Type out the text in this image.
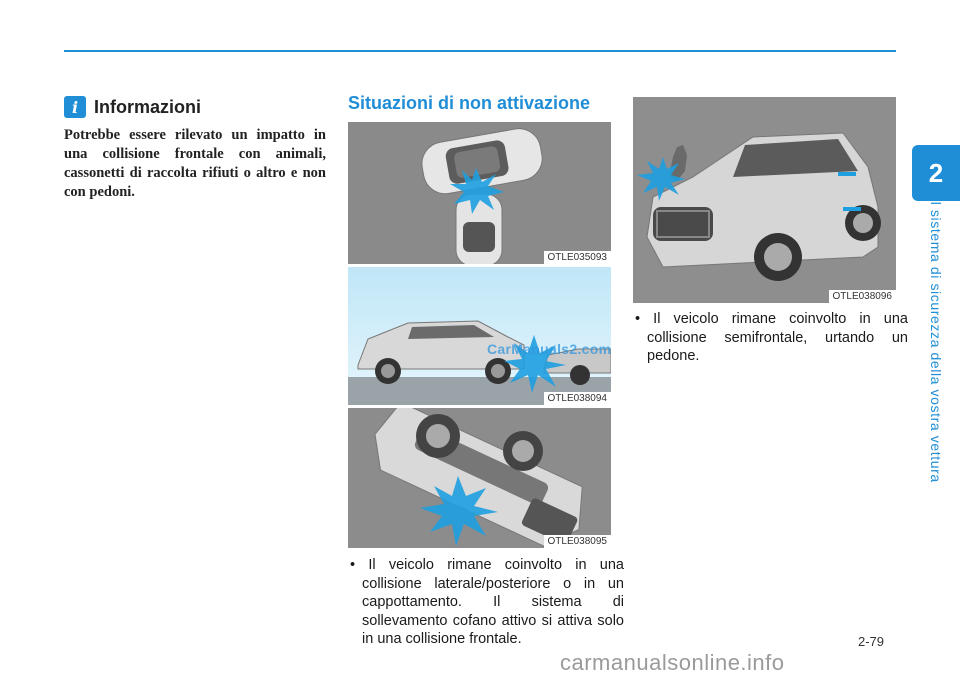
2
Il sistema di sicurezza della vostra vettura
i Informazioni
Potrebbe essere rilevato un impatto in una collisione frontale con animali, cassonetti di raccolta rifiuti o altro e non con pedoni.
Situazioni di non attivazione
OTLE035093
OTLE038094
OTLE038095
• Il veicolo rimane coinvolto in una collisione laterale/posteriore o in un cappottamento. Il sistema di sollevamento cofano attivo si attiva solo in una collisione frontale.
OTLE038096
• Il veicolo rimane coinvolto in una collisione semifrontale, urtando un pedone.
CarManuals2.com
2-79
carmanualsonline.info
